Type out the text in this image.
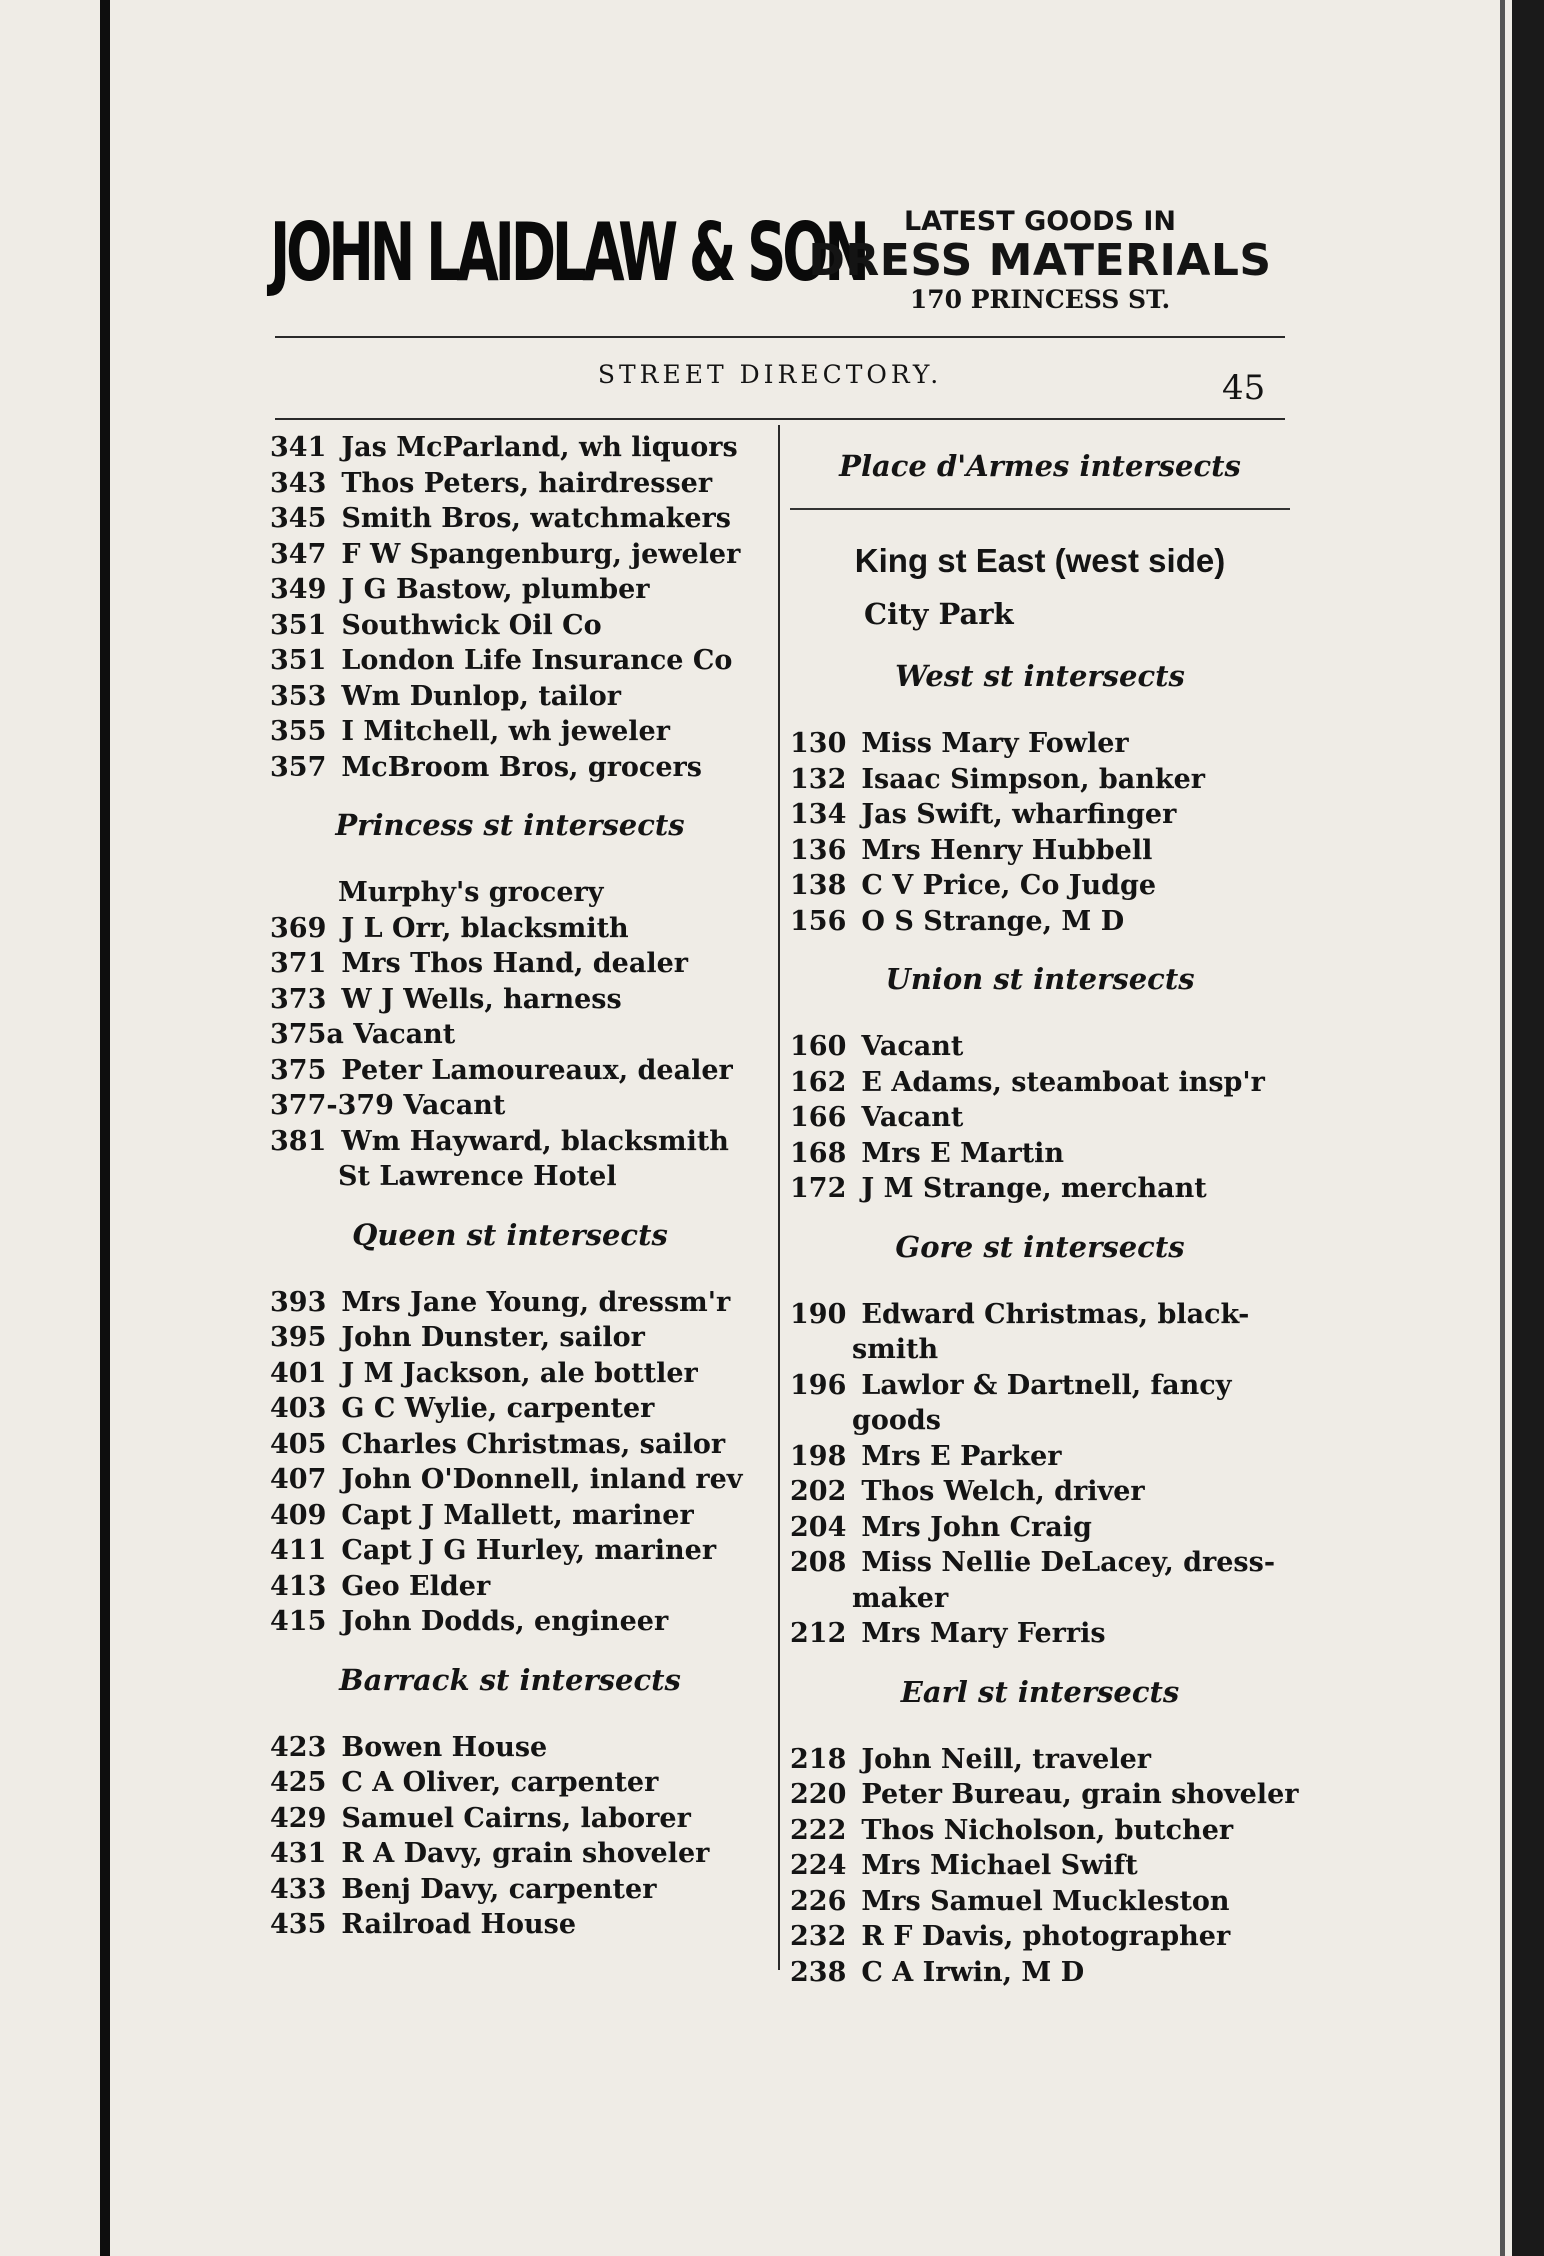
JOHN LAIDLAW & SON	LATEST GOODS IN
DRESS MATERIALS
170 PRINCESS ST.
STREET DIRECTORY.	45
341 Jas McParland, wh liquors
343 Thos Peters, hairdresser
345 Smith Bros, watchmakers
347 F W Spangenburg, jeweler
349 J G Bastow, plumber
351 Southwick Oil Co
351 London Life Insurance Co
353 Wm Dunlop, tailor
355 I Mitchell, wh jeweler
357 McBroom Bros, grocers
Princess st intersects
Murphy's grocery
369 J L Orr, blacksmith
371 Mrs Thos Hand, dealer
373 W J Wells, harness
375a Vacant
375 Peter Lamoureaux, dealer
377-379 Vacant
381 Wm Hayward, blacksmith
St Lawrence Hotel
Queen st intersects
393 Mrs Jane Young, dressm'r
395 John Dunster, sailor
401 J M Jackson, ale bottler
403 G C Wylie, carpenter
405 Charles Christmas, sailor
407 John O'Donnell, inland rev
409 Capt J Mallett, mariner
411 Capt J G Hurley, mariner
413 Geo Elder
415 John Dodds, engineer
Barrack st intersects
423 Bowen House
425 C A Oliver, carpenter
429 Samuel Cairns, laborer
431 R A Davy, grain shoveler
433 Benj Davy, carpenter
435 Railroad House
Place d'Armes intersects
King st East (west side)
City Park
West st intersects
130 Miss Mary Fowler
132 Isaac Simpson, banker
134 Jas Swift, wharfinger
136 Mrs Henry Hubbell
138 C V Price, Co Judge
156 O S Strange, M D
Union st intersects
160 Vacant
162 E Adams, steamboat insp'r
166 Vacant
168 Mrs E Martin
172 J M Strange, merchant
Gore st intersects
190 Edward Christmas, black-
smith
196 Lawlor & Dartnell, fancy
goods
198 Mrs E Parker
202 Thos Welch, driver
204 Mrs John Craig
208 Miss Nellie DeLacey, dress-
maker
212 Mrs Mary Ferris
Earl st intersects
218 John Neill, traveler
220 Peter Bureau, grain shoveler
222 Thos Nicholson, butcher
224 Mrs Michael Swift
226 Mrs Samuel Muckleston
232 R F Davis, photographer
238 C A Irwin, M D
